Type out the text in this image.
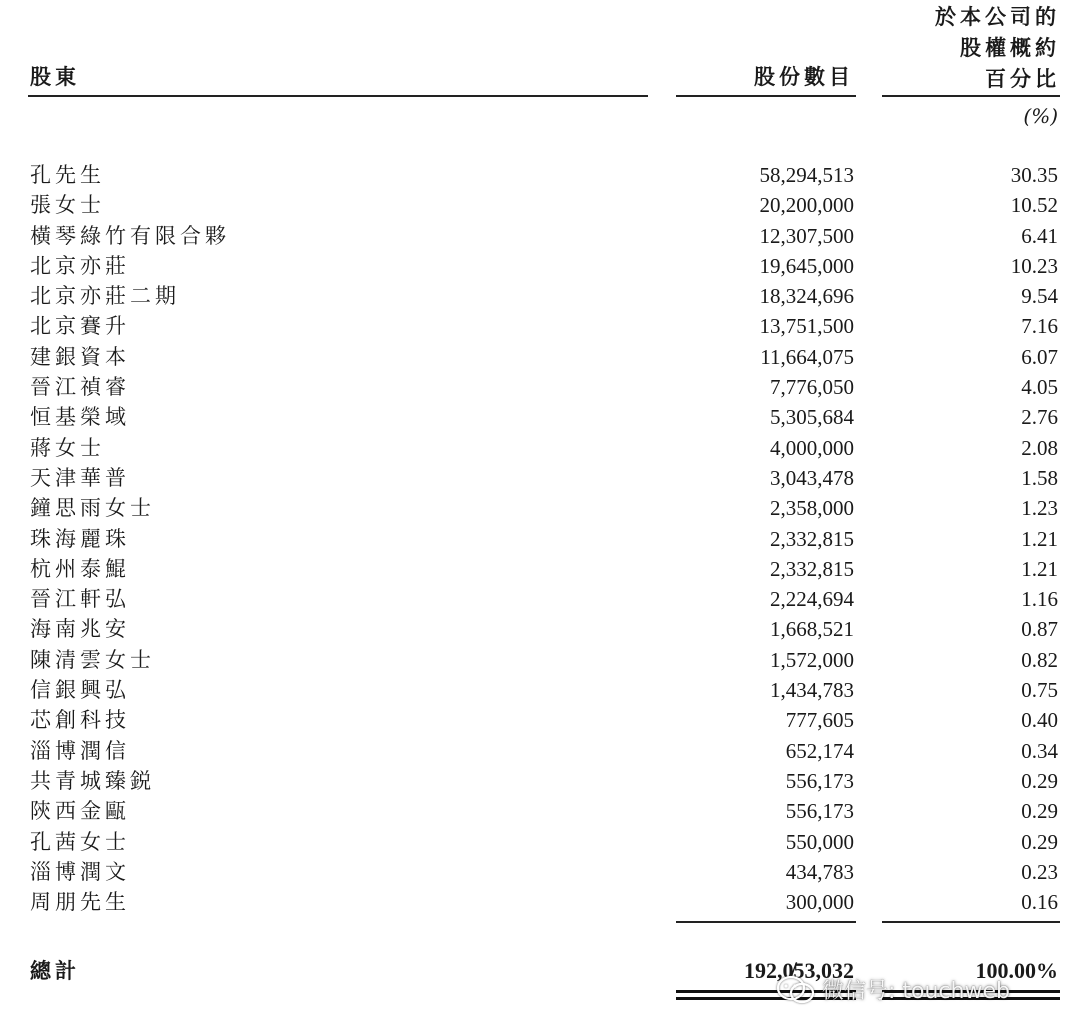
股東	股份數目
於本公司的
股權概約
百分比
(%)
孔先生	58,294,513	30.35
張女士	20,200,000	10.52
橫琴綠竹有限合夥	12,307,500	6.41
北京亦莊	19,645,000	10.23
北京亦莊二期	18,324,696	9.54
北京賽升	13,751,500	7.16
建銀資本	11,664,075	6.07
晉江禎睿	7,776,050	4.05
恒基榮域	5,305,684	2.76
蔣女士	4,000,000	2.08
天津華普	3,043,478	1.58
鐘思雨女士	2,358,000	1.23
珠海麗珠	2,332,815	1.21
杭州泰鯤	2,332,815	1.21
晉江軒弘	2,224,694	1.16
海南兆安	1,668,521	0.87
陳清雲女士	1,572,000	0.82
信銀興弘	1,434,783	0.75
芯創科技	777,605	0.40
淄博潤信	652,174	0.34
共青城臻鋭	556,173	0.29
陝西金甌	556,173	0.29
孔茜女士	550,000	0.29
淄博潤文	434,783	0.23
周朋先生	300,000	0.16
總計	192,0̸53,032	100.00%
微信号: touchweb
